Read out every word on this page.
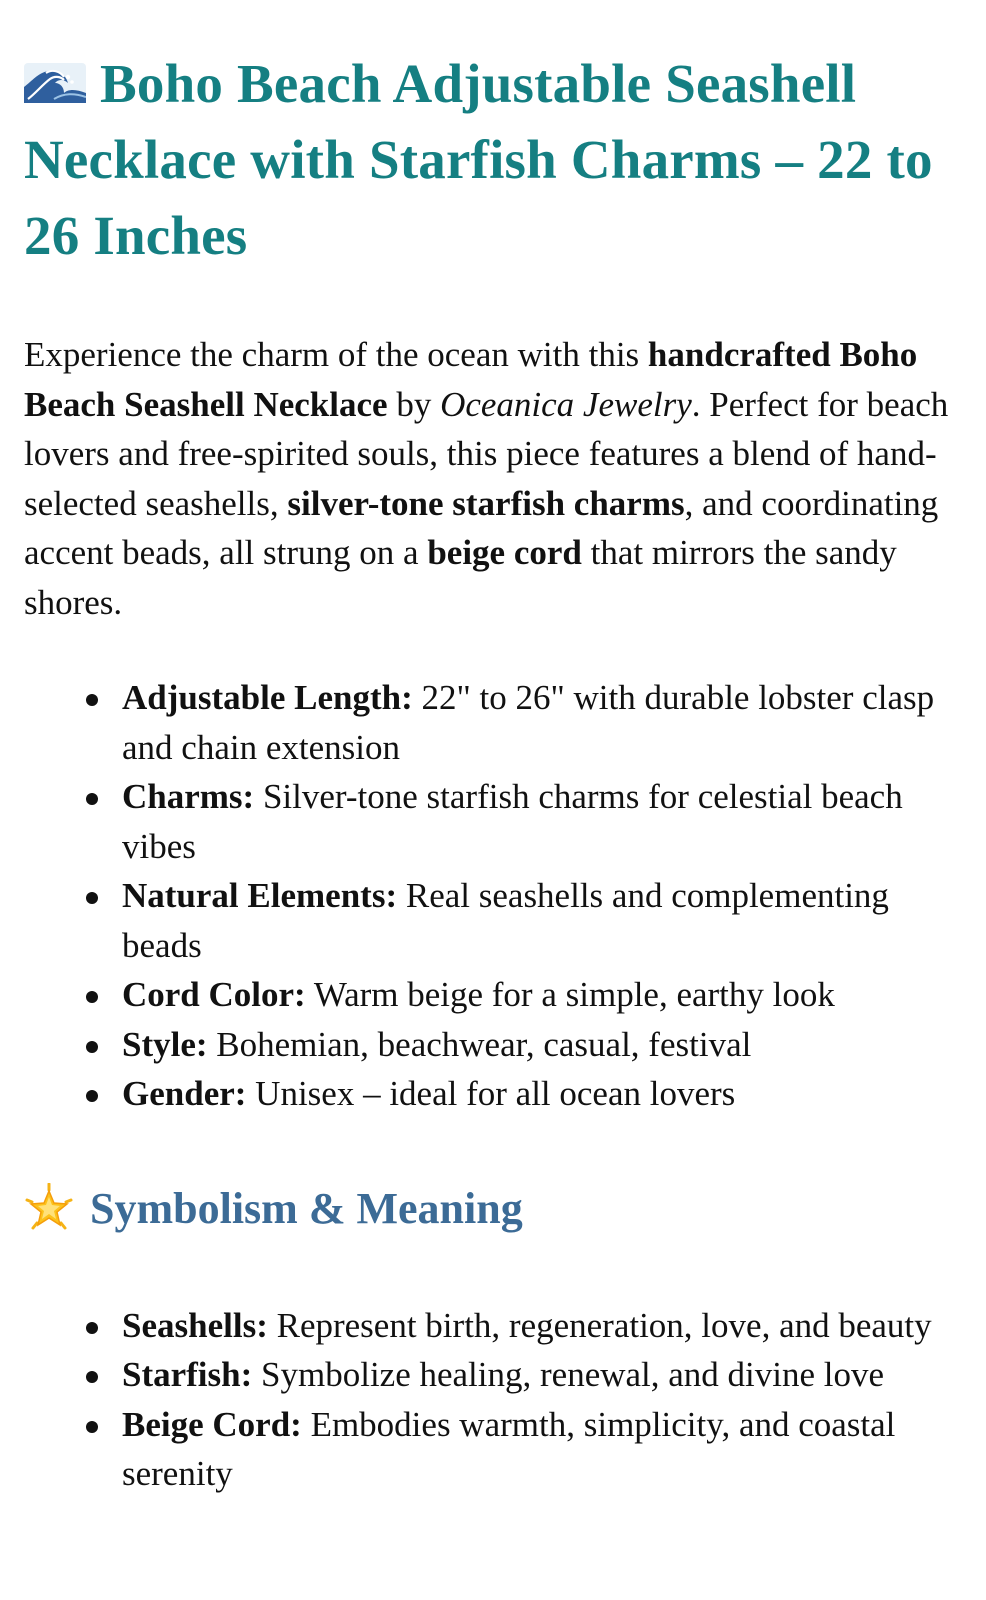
Boho Beach Adjustable Seashell Necklace with Starfish Charms – 22 to 26 Inches

Experience the charm of the ocean with this handcrafted Boho Beach Seashell Necklace by Oceanica Jewelry. Perfect for beach lovers and free-spirited souls, this piece features a blend of hand-selected seashells, silver-tone starfish charms, and coordinating accent beads, all strung on a beige cord that mirrors the sandy shores.

Adjustable Length: 22" to 26" with durable lobster clasp and chain extension
Charms: Silver-tone starfish charms for celestial beach vibes
Natural Elements: Real seashells and complementing beads
Cord Color: Warm beige for a simple, earthy look
Style: Bohemian, beachwear, casual, festival
Gender: Unisex – ideal for all ocean lovers
Symbolism & Meaning
Seashells: Represent birth, regeneration, love, and beauty
Starfish: Symbolize healing, renewal, and divine love
Beige Cord: Embodies warmth, simplicity, and coastal serenity
